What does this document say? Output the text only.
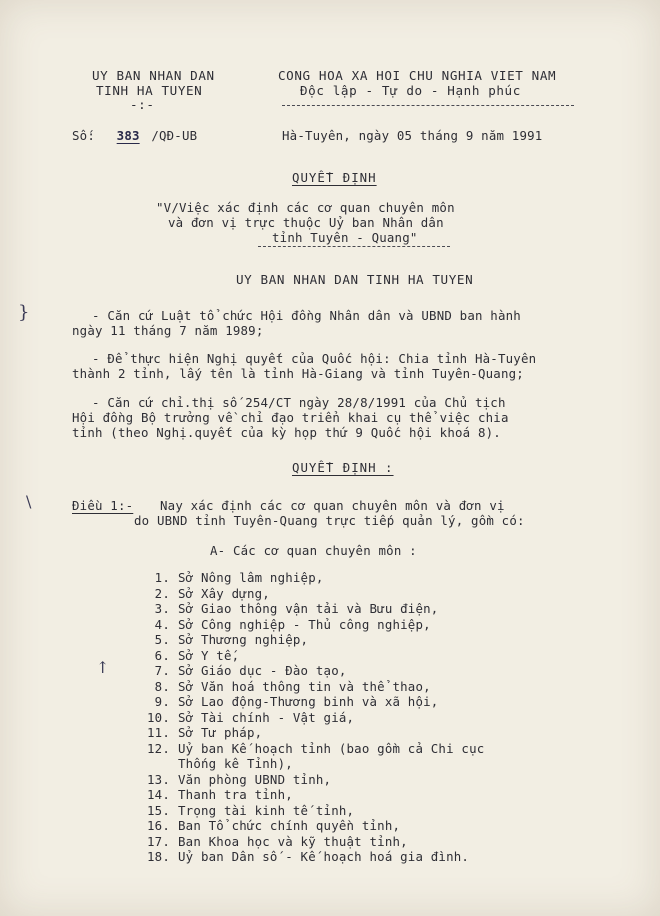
UY BAN NHAN DAN
TINH HA TUYEN
-:-
CONG HOA XA HOI CHU NGHIA VIET NAM
Độc lập - Tự do - Hạnh phúc
Số: 383 /QĐ-UB	Hà-Tuyên, ngày 05 tháng 9 năm 1991
QUYẾT ĐỊNH
"V/Việc xác định các cơ quan chuyên môn
và đơn vị trực thuộc Uỷ ban Nhân dân
tỉnh Tuyên - Quang"
UY BAN NHAN DAN TINH HA TUYEN
}	- Căn cứ Luật tổ chức Hội đồng Nhân dân và UBND ban hành
ngày 11 tháng 7 năm 1989;
- Để thực hiện Nghị quyết của Quốc hội: Chia tỉnh Hà-Tuyên
thành 2 tỉnh, lấy tên là tỉnh Hà-Giang và tỉnh Tuyên-Quang;
- Căn cứ chỉ.thị số 254/CT ngày 28/8/1991 của Chủ tịch
Hội đồng Bộ trưởng về chỉ đạo triển khai cụ thể việc chia
tỉnh (theo Nghị.quyết của kỳ họp thứ 9 Quốc hội khoá 8).
QUYẾT ĐỊNH :
\	Điều 1:- Nay xác định các cơ quan chuyên môn và đơn vị
do UBND tỉnh Tuyên-Quang trực tiếp quản lý, gồm có:
A- Các cơ quan chuyên môn :
1. Sở Nông lâm nghiệp,
2. Sở Xây dựng,
3. Sở Giao thông vận tải và Bưu điện,
4. Sở Công nghiệp - Thủ công nghiệp,
5. Sở Thương nghiệp,
6. Sở Y tế,
7. Sở Giáo dục - Đào tạo,
8. Sở Văn hoá thông tin và thể thao,
9. Sở Lao động-Thương binh và xã hội,
10. Sở Tài chính - Vật giá,
11. Sở Tư pháp,
12. Uỷ ban Kế hoạch tỉnh (bao gồm cả Chi cục
Thống kê Tỉnh),
13. Văn phòng UBND tỉnh,
14. Thanh tra tỉnh,
15. Trọng tài kinh tế tỉnh,
16. Ban Tổ chức chính quyền tỉnh,
17. Ban Khoa học và kỹ thuật tỉnh,
18. Uỷ ban Dân số - Kế hoạch hoá gia đình.
↑
